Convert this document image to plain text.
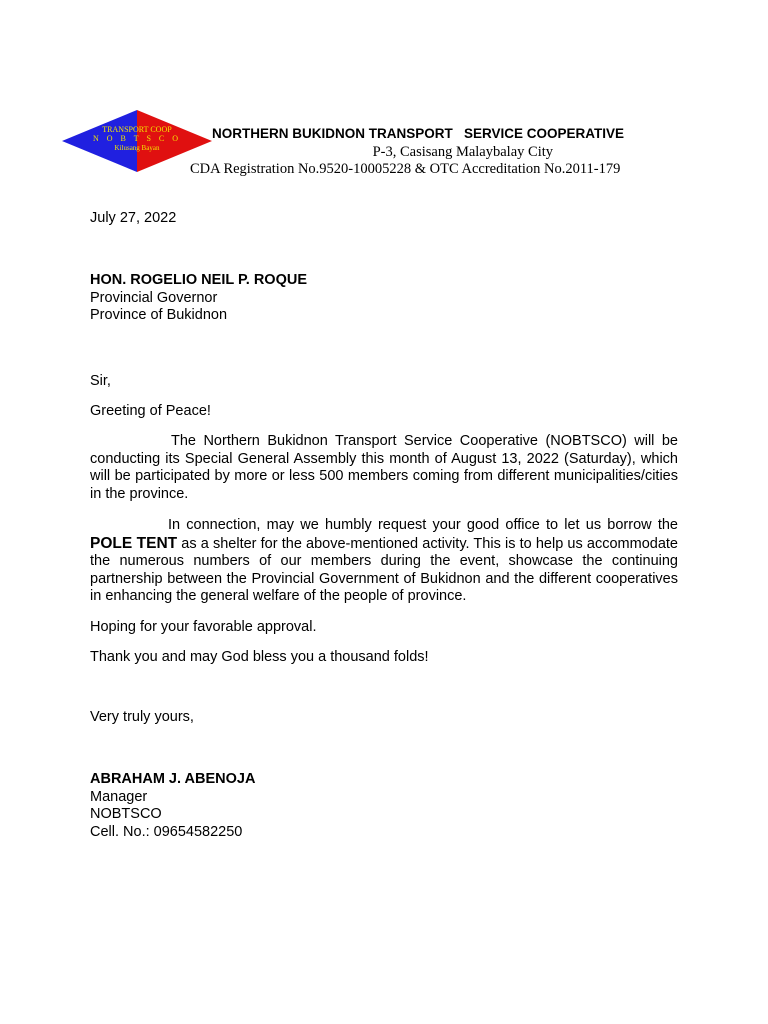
TRANSPORT COOP
N O B T S C O
Kilusang Bayan
NORTHERN BUKIDNON TRANSPORT   SERVICE COOPERATIVE
P-3, Casisang Malaybalay City
CDA Registration No.9520-10005228 & OTC Accreditation No.2011-179
July 27, 2022
HON. ROGELIO NEIL P. ROQUE
Provincial Governor
Province of Bukidnon
Sir,
Greeting of Peace!
The Northern Bukidnon Transport Service Cooperative (NOBTSCO) will be conducting its Special General Assembly this month of August 13, 2022 (Saturday), which will be participated by more or less 500 members coming from different municipalities/cities in the province.
In connection, may we humbly request your good office to let us borrow the POLE TENT as a shelter for the above-mentioned activity. This is to help us accommodate the numerous numbers of our members during the event, showcase the continuing partnership between the Provincial Government of Bukidnon and the different cooperatives in enhancing the general welfare of the people of province.
Hoping for your favorable approval.
Thank you and may God bless you a thousand folds!
Very truly yours,
ABRAHAM J. ABENOJA
Manager
NOBTSCO
Cell. No.: 09654582250
